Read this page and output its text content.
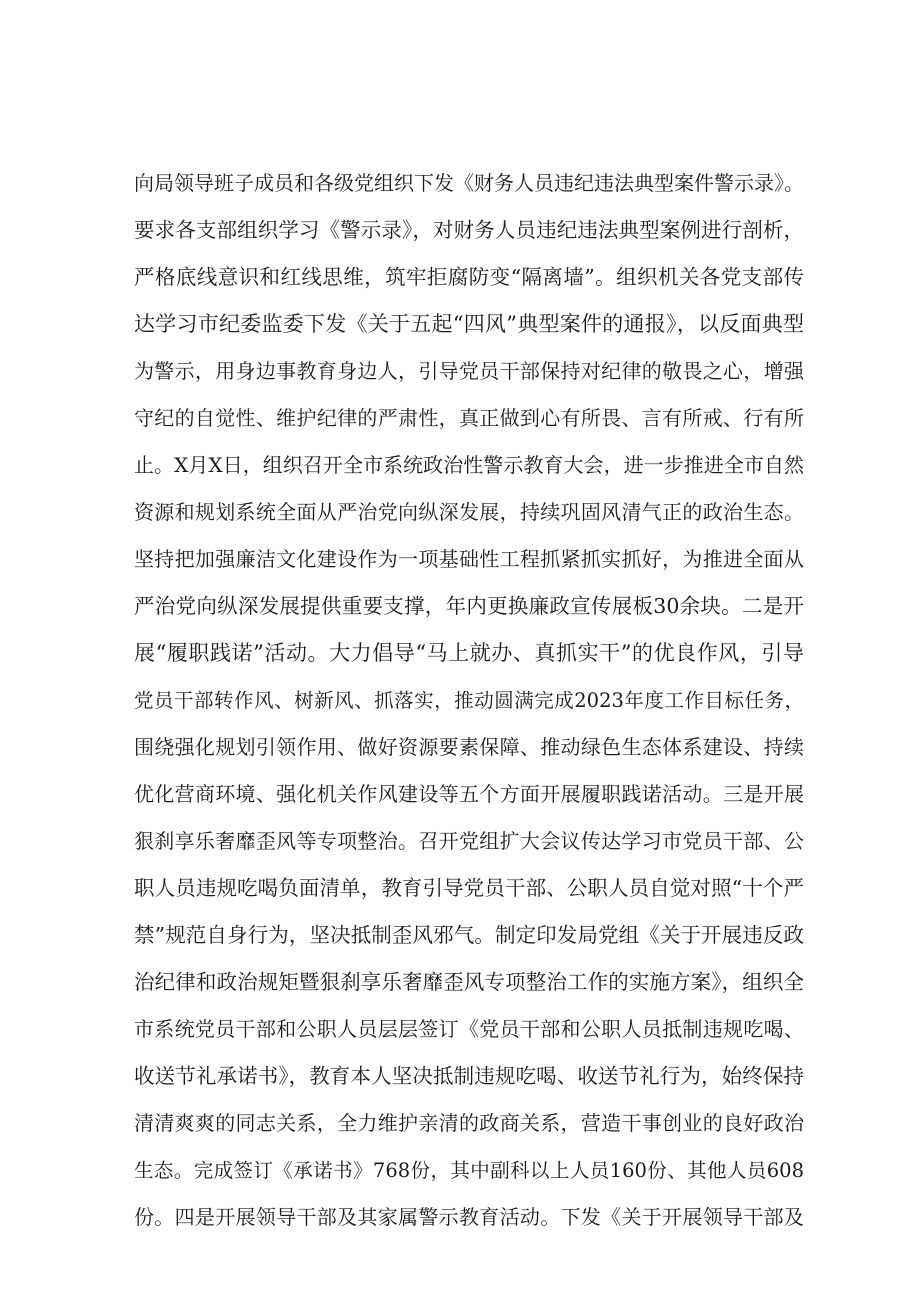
向局领导班子成员和各级党组织下发《财务人员违纪违法典型案件警示录》。
要求各支部组织学习《警示录》，对财务人员违纪违法典型案例进行剖析，
严格底线意识和红线思维，筑牢拒腐防变“隔离墙”。组织机关各党支部传
达学习市纪委监委下发《关于五起“四风”典型案件的通报》，以反面典型
为警示，用身边事教育身边人，引导党员干部保持对纪律的敬畏之心，增强
守纪的自觉性、维护纪律的严肃性，真正做到心有所畏、言有所戒、行有所
止。X月X日，组织召开全市系统政治性警示教育大会，进一步推进全市自然
资源和规划系统全面从严治党向纵深发展，持续巩固风清气正的政治生态。
坚持把加强廉洁文化建设作为一项基础性工程抓紧抓实抓好，为推进全面从
严治党向纵深发展提供重要支撑，年内更换廉政宣传展板30余块。二是开
展“履职践诺”活动。大力倡导“马上就办、真抓实干”的优良作风，引导
党员干部转作风、树新风、抓落实，推动圆满完成2023年度工作目标任务，
围绕强化规划引领作用、做好资源要素保障、推动绿色生态体系建设、持续
优化营商环境、强化机关作风建设等五个方面开展履职践诺活动。三是开展
狠刹享乐奢靡歪风等专项整治。召开党组扩大会议传达学习市党员干部、公
职人员违规吃喝负面清单，教育引导党员干部、公职人员自觉对照“十个严
禁”规范自身行为，坚决抵制歪风邪气。制定印发局党组《关于开展违反政
治纪律和政治规矩暨狠刹享乐奢靡歪风专项整治工作的实施方案》，组织全
市系统党员干部和公职人员层层签订《党员干部和公职人员抵制违规吃喝、
收送节礼承诺书》，教育本人坚决抵制违规吃喝、收送节礼行为，始终保持
清清爽爽的同志关系，全力维护亲清的政商关系，营造干事创业的良好政治
生态。完成签订《承诺书》768份，其中副科以上人员160份、其他人员608
份。四是开展领导干部及其家属警示教育活动。下发《关于开展领导干部及
